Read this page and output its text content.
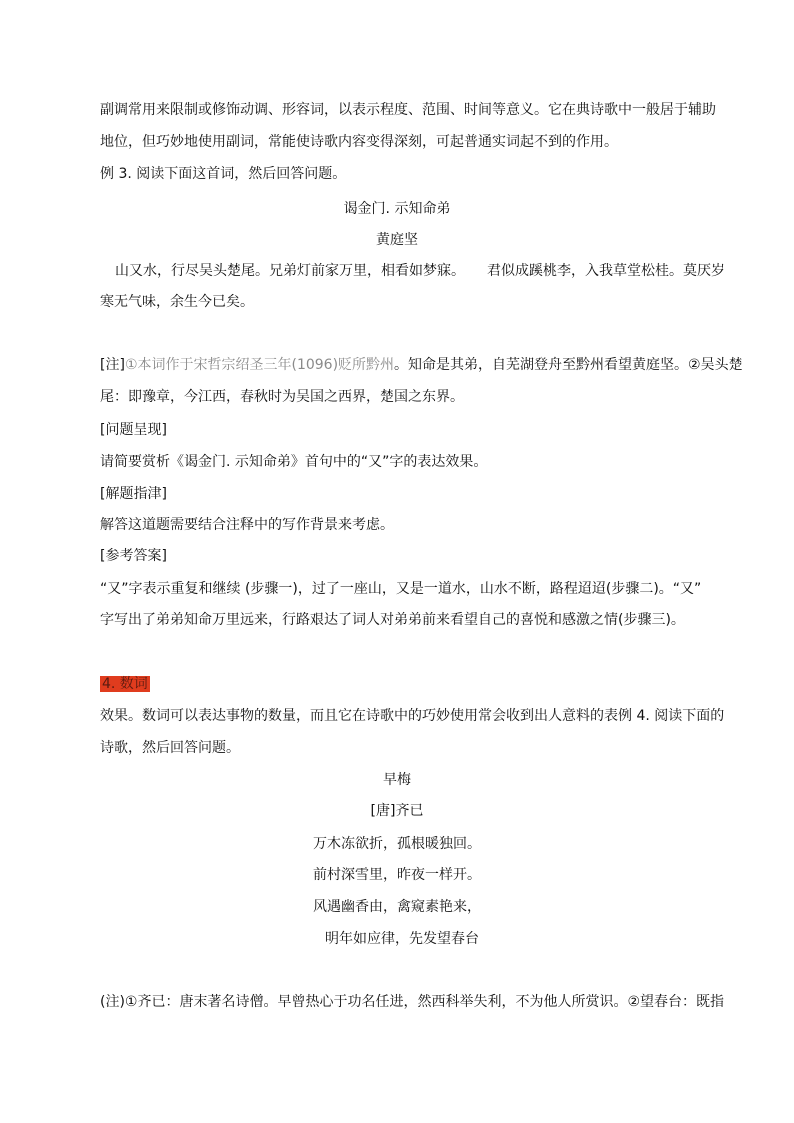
副调常用来限制或修饰动调、形容词，以表示程度、范围、时间等意义。它在典诗歌中一般居于辅助
地位，但巧妙地使用副词，常能使诗歌内容变得深刻，可起普通实词起不到的作用。
例 3. 阅读下面这首词，然后回答问题。
谒金门. 示知命弟
黄庭坚
山又水，行尽吴头楚尾。兄弟灯前家万里，相看如梦寐。 君似成蹊桃李，入我草堂松桂。莫厌岁
寒无气味，余生今已矣。
[注]①本词作于宋哲宗绍圣三年(1096)贬所黔州。知命是其弟，自芜湖登舟至黔州看望黄庭坚。②吴头楚
尾：即豫章，今江西，春秋时为吴国之西界，楚国之东界。
[问题呈现]
请简要赏析《谒金门. 示知命弟》首句中的“又”字的表达效果。
[解题指津]
解答这道题需要结合注释中的写作背景来考虑。
[参考答案]
“又”字表示重复和继续 (步骤一)，过了一座山，又是一道水，山水不断，路程迢迢(步骤二)。“又”
字写出了弟弟知命万里远来，行路艰达了词人对弟弟前来看望自己的喜悦和感激之情(步骤三)。
4. 数词
效果。数词可以表达事物的数量，而且它在诗歌中的巧妙使用常会收到出人意料的表例 4. 阅读下面的
诗歌，然后回答问题。
早梅
[唐]齐已
万木冻欲折，孤根暖独回。
前村深雪里，昨夜一样开。
风遇幽香由，禽窥素艳来，
明年如应律，先发望春台
(注)①齐已：唐末著名诗僧。早曾热心于功名任进，然西科举失利，不为他人所赏识。②望春台：既指
